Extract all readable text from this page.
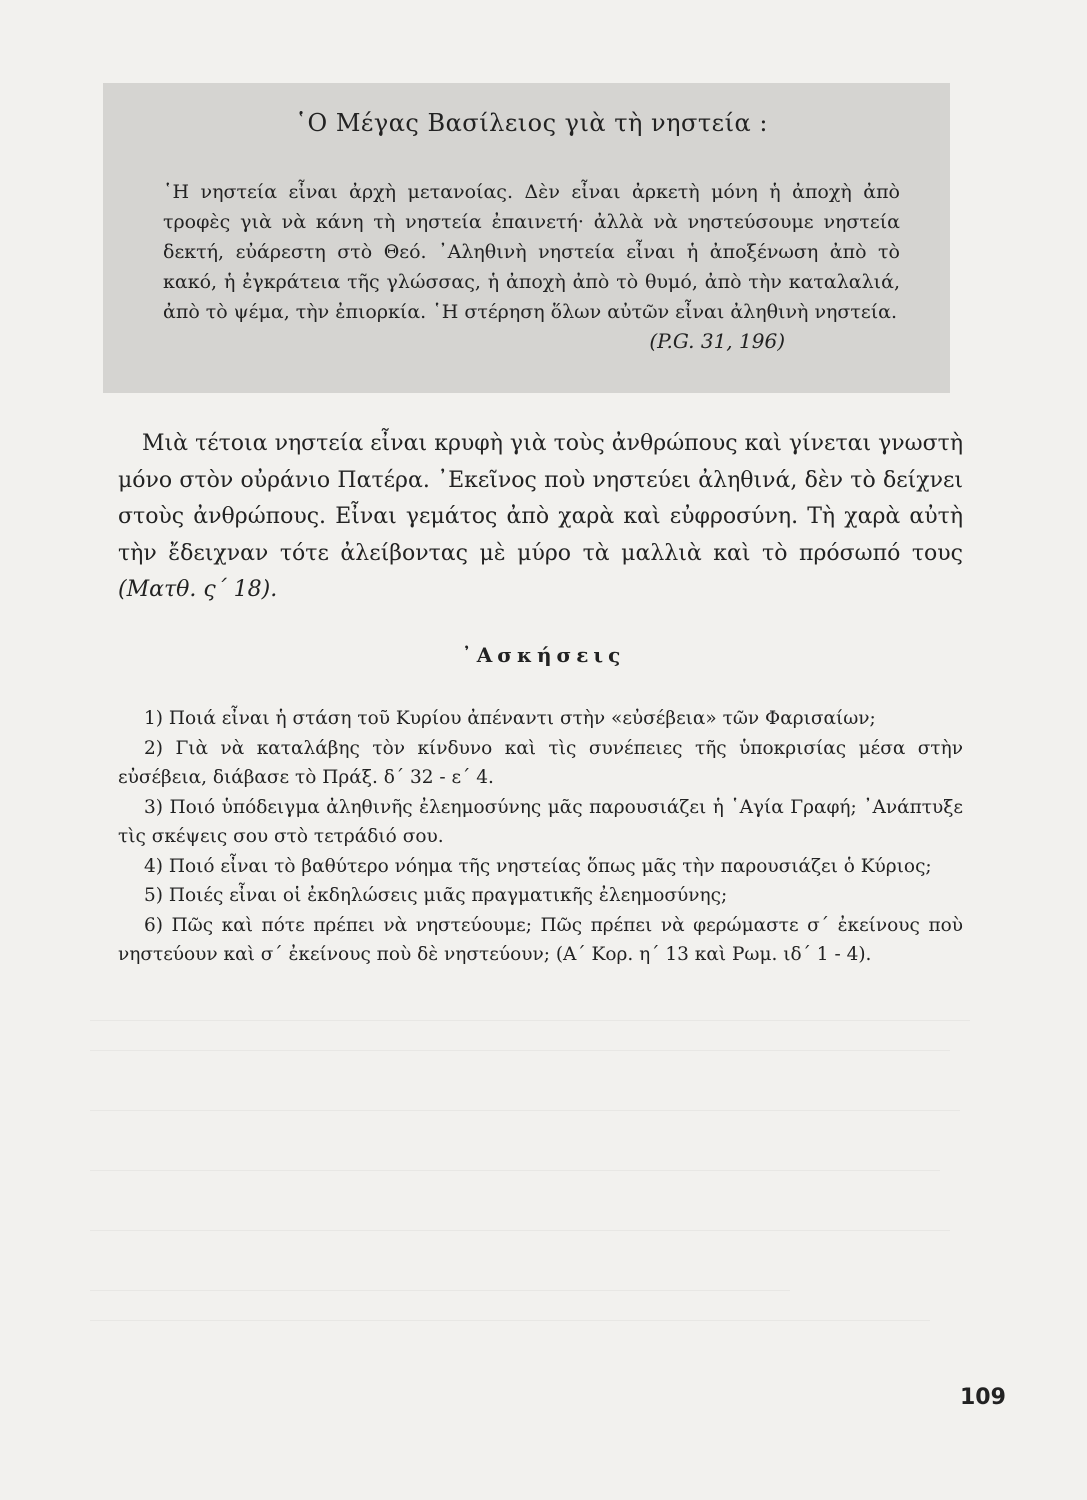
῾Ο Μέγας Βασίλειος γιὰ τὴ νηστεία :

῾Η νηστεία εἶναι ἀρχὴ μετανοίας. Δὲν εἶναι ἀρκετὴ μόνη ἡ ἀποχὴ ἀπὸ τροφὲς γιὰ νὰ κάνη τὴ νηστεία ἐπαινετή· ἀλλὰ νὰ νηστεύσουμε νηστεία δεκτή, εὐάρεστη στὸ Θεό. ᾿Αληθινὴ νηστεία εἶναι ἡ ἀποξένωση ἀπὸ τὸ κακό, ἡ ἐγκράτεια τῆς γλώσσας, ἡ ἀποχὴ ἀπὸ τὸ θυμό, ἀπὸ τὴν καταλαλιά, ἀπὸ τὸ ψέμα, τὴν ἐπιορκία. ῾Η στέρηση ὅλων αὐτῶν εἶναι ἀληθινὴ νηστεία.

(P.G. 31, 196)

Μιὰ τέτοια νηστεία εἶναι κρυφὴ γιὰ τοὺς ἀνθρώπους καὶ γίνεται γνωστὴ μόνο στὸν οὐράνιο Πατέρα. ᾿Εκεῖνος ποὺ νηστεύει ἀληθινά, δὲν τὸ δείχνει στοὺς ἀνθρώπους. Εἶναι γεμάτος ἀπὸ χαρὰ καὶ εὐφροσύνη. Τὴ χαρὰ αὐτὴ τὴν ἔδειχναν τότε ἀλείβοντας μὲ μύρο τὰ μαλλιὰ καὶ τὸ πρόσωπό τους (Ματθ. ς΄ 18).

᾿Ασκήσεις

1) Ποιά εἶναι ἡ στάση τοῦ Κυρίου ἀπέναντι στὴν «εὐσέβεια» τῶν Φαρισαίων;

2) Γιὰ νὰ καταλάβης τὸν κίνδυνο καὶ τὶς συνέπειες τῆς ὑποκρισίας μέσα στὴν εὐσέβεια, διάβασε τὸ Πράξ. δ΄ 32 - ε΄ 4.

3) Ποιό ὑπόδειγμα ἀληθινῆς ἐλεημοσύνης μᾶς παρουσιάζει ἡ ῾Αγία Γραφή; ᾿Ανάπτυξε τὶς σκέψεις σου στὸ τετράδιό σου.

4) Ποιό εἶναι τὸ βαθύτερο νόημα τῆς νηστείας ὅπως μᾶς τὴν παρουσιάζει ὁ Κύριος;

5) Ποιές εἶναι οἱ ἐκδηλώσεις μιᾶς πραγματικῆς ἐλεημοσύνης;

6) Πῶς καὶ πότε πρέπει νὰ νηστεύουμε; Πῶς πρέπει νὰ φερώμαστε σ΄ ἐκείνους ποὺ νηστεύουν καὶ σ΄ ἐκείνους ποὺ δὲ νηστεύουν; (Α΄ Κορ. η΄ 13 καὶ Ρωμ. ιδ΄ 1 - 4).

109
